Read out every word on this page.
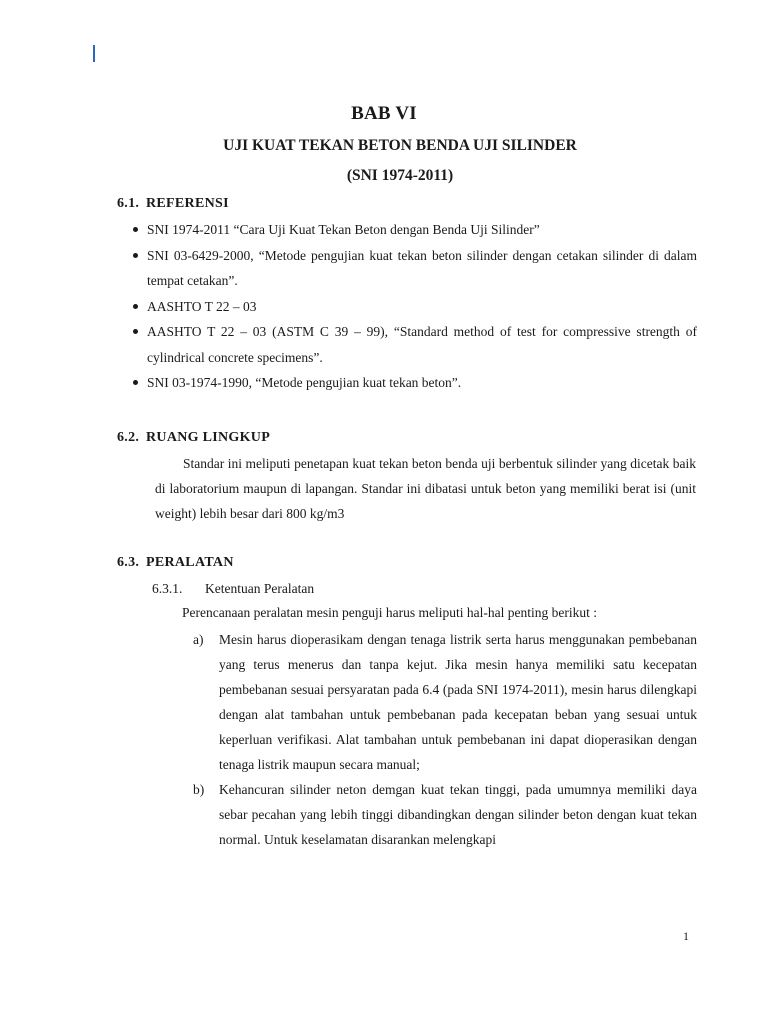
BAB VI
UJI KUAT TEKAN BETON BENDA UJI SILINDER
(SNI 1974-2011)
6.1. REFERENSI
SNI 1974-2011 “Cara Uji Kuat Tekan Beton dengan Benda Uji Silinder”
SNI 03-6429-2000, “Metode pengujian kuat tekan beton silinder dengan cetakan silinder di dalam tempat cetakan”.
AASHTO T 22 – 03
AASHTO T 22 – 03 (ASTM C 39 – 99), “Standard method of test for compressive strength of cylindrical concrete specimens”.
SNI 03-1974-1990, “Metode pengujian kuat tekan beton”.
6.2. RUANG LINGKUP
Standar ini meliputi penetapan kuat tekan beton benda uji berbentuk silinder yang dicetak baik di laboratorium maupun di lapangan. Standar ini dibatasi untuk beton yang memiliki berat isi (unit weight) lebih besar dari 800 kg/m3
6.3. PERALATAN
6.3.1. Ketentuan Peralatan
Perencanaan peralatan mesin penguji harus meliputi hal-hal penting berikut :
a) Mesin harus dioperasikam dengan tenaga listrik serta harus menggunakan pembebanan yang terus menerus dan tanpa kejut. Jika mesin hanya memiliki satu kecepatan pembebanan sesuai persyaratan pada 6.4 (pada SNI 1974-2011), mesin harus dilengkapi dengan alat tambahan untuk pembebanan pada kecepatan beban yang sesuai untuk keperluan verifikasi. Alat tambahan untuk pembebanan ini dapat dioperasikan dengan tenaga listrik maupun secara manual;
b) Kehancuran silinder neton demgan kuat tekan tinggi, pada umumnya memiliki daya sebar pecahan yang lebih tinggi dibandingkan dengan silinder beton dengan kuat tekan normal. Untuk keselamatan disarankan melengkapi
1
